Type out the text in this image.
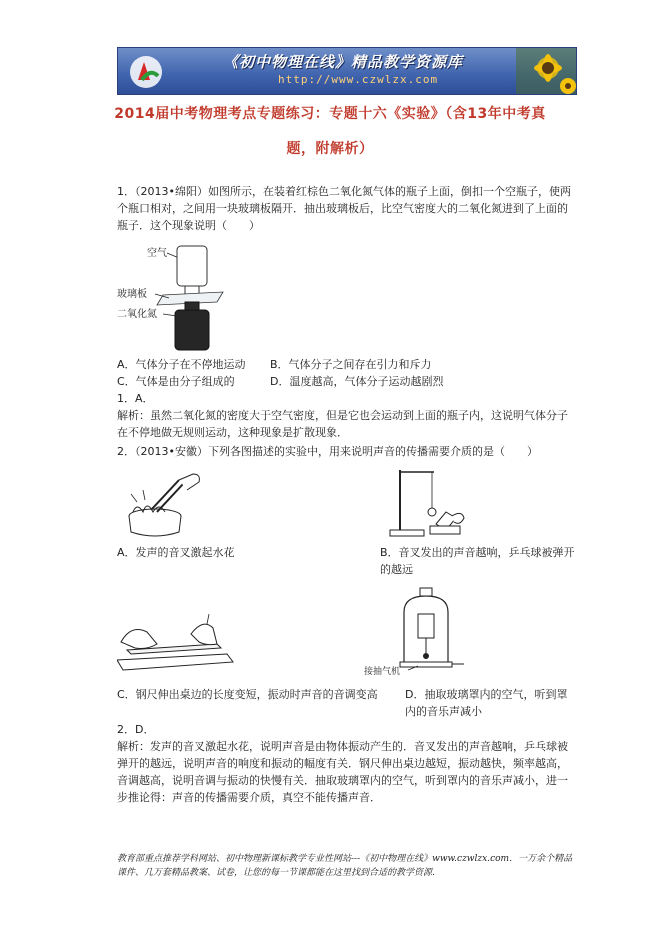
《初中物理在线》精品教学资源库
http://www.czwlzx.com
2014届中考物理考点专题练习：专题十六《实验》（含13年中考真
题，附解析）

1．（2013•绵阳）如图所示，在装着红棕色二氧化氮气体的瓶子上面，倒扣一个空瓶子，使两个瓶口相对，之间用一块玻璃板隔开．抽出玻璃板后，比空气密度大的二氧化氮进到了上面的瓶子．这个现象说明（　　）

空气
玻璃板
二氧化氮

A．气体分子在不停地运动	B．气体分子之间存在引力和斥力

C．气体是由分子组成的	D．温度越高，气体分子运动越剧烈

1．A．

解析：虽然二氧化氮的密度大于空气密度，但是它也会运动到上面的瓶子内，这说明气体分子在不停地做无规则运动，这种现象是扩散现象．

2．（2013•安徽）下列各图描述的实验中，用来说明声音的传播需要介质的是（　　）

A．发声的音叉激起水花	B．音叉发出的声音越响，乒乓球被弹开的越远

接抽气机

C．钢尺伸出桌边的长度变短，振动时声音的音调变高	D．抽取玻璃罩内的空气，听到罩内的音乐声减小

2．D．

解析：发声的音叉激起水花，说明声音是由物体振动产生的．音叉发出的声音越响，乒乓球被弹开的越远，说明声音的响度和振动的幅度有关．钢尺伸出桌边越短，振动越快，频率越高，音调越高，说明音调与振动的快慢有关．抽取玻璃罩内的空气，听到罩内的音乐声减小，进一步推论得：声音的传播需要介质，真空不能传播声音．

教育部重点推荐学科网站、初中物理新课标教学专业性网站---《初中物理在线》www.czwlzx.com．一万余个精品课件、几万套精品教案、试卷，让您的每一节课都能在这里找到合适的教学资源．
